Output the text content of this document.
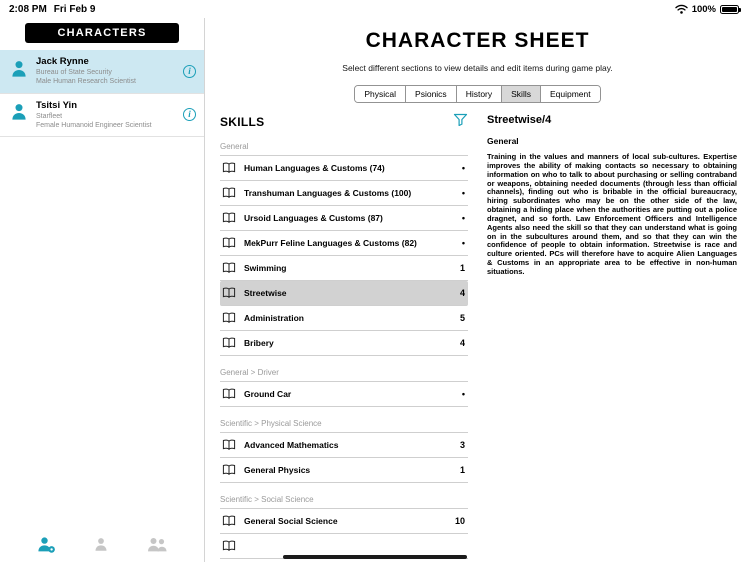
2:08 PM Fri Feb 9	100%
CHARACTERS
Jack Rynne
Bureau of State Security
Male Human Research Scientist
i
Tsitsi Yin
Starfleet
Female Humanoid Engineer Scientist
i
CHARACTER SHEET

Select different sections to view details and edit items during game play.

Physical	Psionics	History	Skills	Equipment
SKILLS
General
Human Languages & Customs (74)	•
Transhuman Languages & Customs (100)	•
Ursoid Languages & Customs (87)	•
MekPurr Feline Languages & Customs (82)	•
Swimming	1
Streetwise	4
Administration	5
Bribery	4
General > Driver
Ground Car	•
Scientific > Physical Science
Advanced Mathematics	3
General Physics	1
Scientific > Social Science
General Social Science	10
Streetwise/4
General

Training in the values and manners of local sub-cultures. Expertise improves the ability of making contacts so necessary to obtaining information on who to talk to about purchasing or selling contraband or weapons, obtaining needed documents (through less than official channels), finding out who is bribable in the official bureaucracy, hiring subordinates who may be on the other side of the law, obtaining a hiding place when the authorities are putting out a police dragnet, and so forth. Law Enforcement Officers and Intelligence Agents also need the skill so that they can understand what is going on in the subcultures around them, and so that they can win the confidence of people to obtain information. Streetwise is race and culture oriented. PCs will therefore have to acquire Alien Languages & Customs in an appropriate area to be effective in non-human situations.
